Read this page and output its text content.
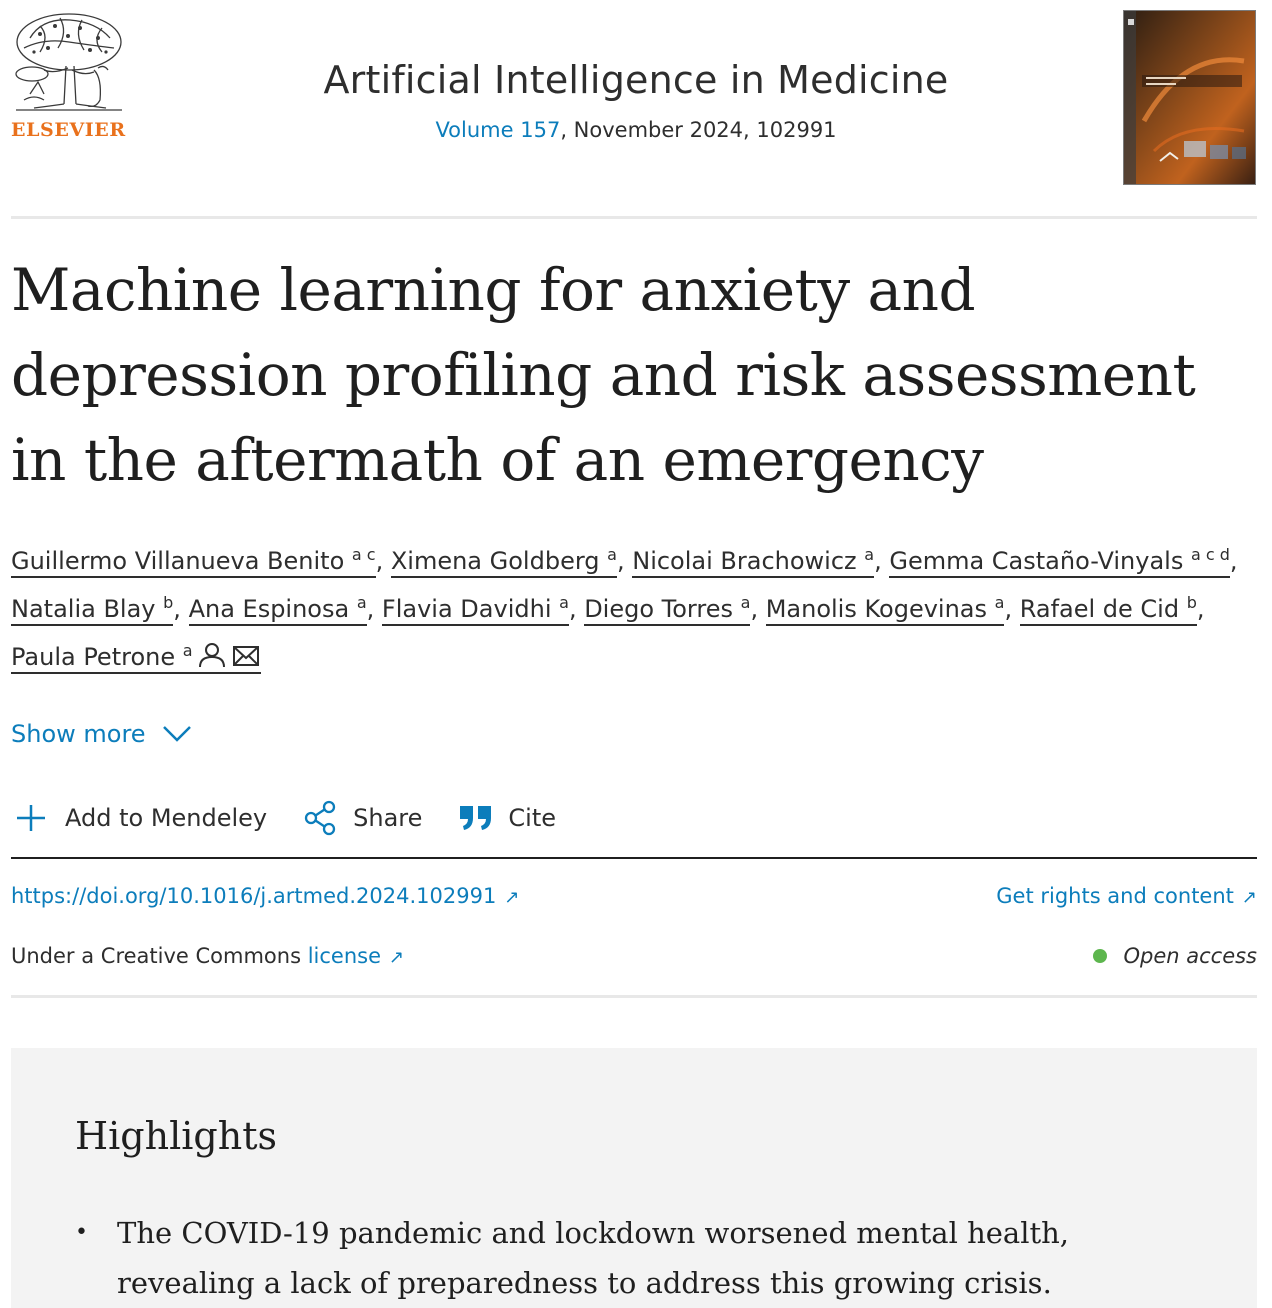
ELSEVIER
Artificial Intelligence in Medicine
Volume 157, November 2024, 102991
Machine learning for anxiety and depression profiling and risk assessment in the aftermath of an emergency
Guillermo Villanueva Benito $^{a c}$, Ximena Goldberg $^a$, Nicolai Brachowicz $^a$, Gemma Castaño-Vinyals $^{a c d}$, Natalia Blay $^b$, Ana Espinosa $^a$, Flavia Davidhi $^a$, Diego Torres $^a$, Manolis Kogevinas $^a$, Rafael de Cid $^b$, Paula Petrone $^a$
Show more
Add to Mendeley	Share	Cite
https://doi.org/10.1016/j.artmed.2024.102991 ↗	Get rights and content ↗
Under a Creative Commons license ↗	Open access
Highlights
•	The COVID-19 pandemic and lockdown worsened mental health, revealing a lack of preparedness to address this growing crisis.
